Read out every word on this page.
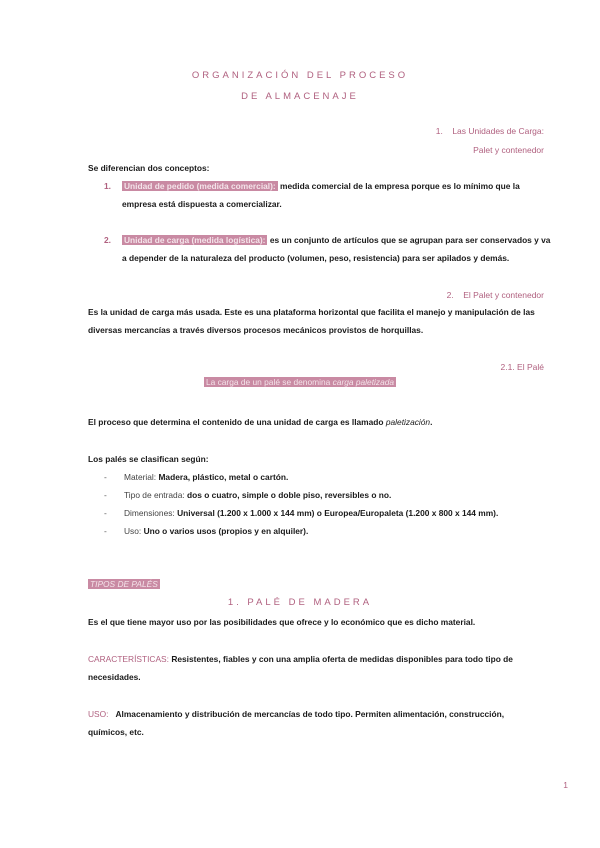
ORGANIZACIÓN DEL PROCESO
DE ALMACENAJE
1. Las Unidades de Carga:
Palet y contenedor
Se diferencian dos conceptos:
1. Unidad de pedido (medida comercial): medida comercial de la empresa porque es lo mínimo que la
empresa está dispuesta a comercializar.
2. Unidad de carga (medida logística): es un conjunto de artículos que se agrupan para ser conservados y va
a depender de la naturaleza del producto (volumen, peso, resistencia) para ser apilados y demás.
2. El Palet y contenedor
Es la unidad de carga más usada. Este es una plataforma horizontal que facilita el manejo y manipulación de las
diversas mercancías a través diversos procesos mecánicos provistos de horquillas.
2.1. El Palé
La carga de un palé se denomina carga paletizada
El proceso que determina el contenido de una unidad de carga es llamado paletización.
Los palés se clasifican según:
- Material: Madera, plástico, metal o cartón.
- Tipo de entrada: dos o cuatro, simple o doble piso, reversibles o no.
- Dimensiones: Universal (1.200 x 1.000 x 144 mm) o Europea/Europaleta (1.200 x 800 x 144 mm).
- Uso: Uno o varios usos (propios y en alquiler).
TIPOS DE PALÉS
1. PALÉ DE MADERA
Es el que tiene mayor uso por las posibilidades que ofrece y lo económico que es dicho material.
CARACTERÍSTICAS: Resistentes, fiables y con una amplia oferta de medidas disponibles para todo tipo de
necesidades.
USO: Almacenamiento y distribución de mercancías de todo tipo. Permiten alimentación, construcción,
químicos, etc.
1
